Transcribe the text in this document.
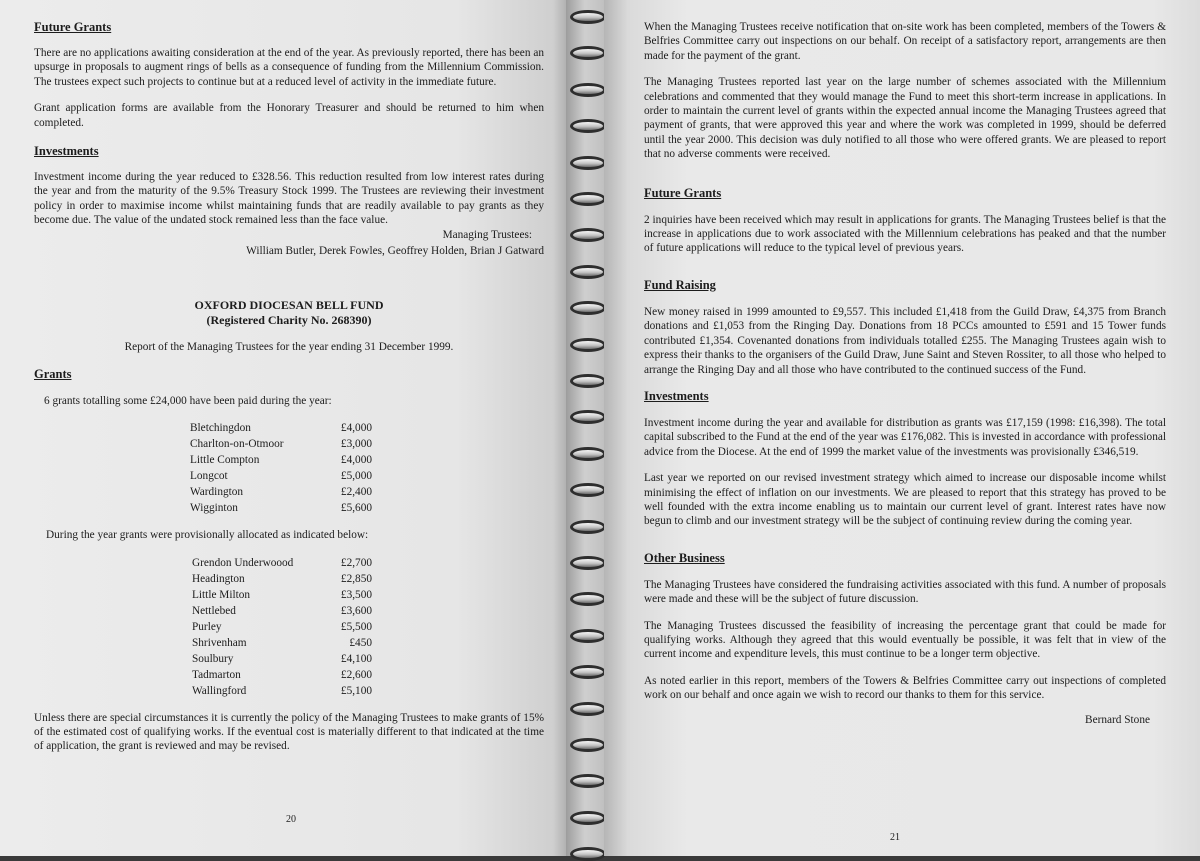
Future Grants

There are no applications awaiting consideration at the end of the year. As previously reported, there has been an upsurge in proposals to augment rings of bells as a consequence of funding from the Millennium Commission. The trustees expect such projects to continue but at a reduced level of activity in the immediate future.

Grant application forms are available from the Honorary Treasurer and should be returned to him when completed.

Investments

Investment income during the year reduced to £328.56. This reduction resulted from low interest rates during the year and from the maturity of the 9.5% Treasury Stock 1999. The Trustees are reviewing their investment policy in order to maximise income whilst maintaining funds that are readily available to pay grants as they become due. The value of the undated stock remained less than the face value.

Managing Trustees:

William Butler, Derek Fowles, Geoffrey Holden, Brian J Gatward

OXFORD DIOCESAN BELL FUND

(Registered Charity No. 268390)

Report of the Managing Trustees for the year ending 31 December 1999.

Grants

6 grants totalling some £24,000 have been paid during the year:

Bletchingdon	£4,000
Charlton-on-Otmoor	£3,000
Little Compton	£4,000
Longcot	£5,000
Wardington	£2,400
Wigginton	£5,600

During the year grants were provisionally allocated as indicated below:

Grendon Underwoood	£2,700
Headington	£2,850
Little Milton	£3,500
Nettlebed	£3,600
Purley	£5,500
Shrivenham	£450
Soulbury	£4,100
Tadmarton	£2,600
Wallingford	£5,100

Unless there are special circumstances it is currently the policy of the Managing Trustees to make grants of 15% of the estimated cost of qualifying works. If the eventual cost is materially different to that indicated at the time of application, the grant is reviewed and may be revised.

20

When the Managing Trustees receive notification that on-site work has been completed, members of the Towers & Belfries Committee carry out inspections on our behalf. On receipt of a satisfactory report, arrangements are then made for the payment of the grant.

The Managing Trustees reported last year on the large number of schemes associated with the Millennium celebrations and commented that they would manage the Fund to meet this short-term increase in applications. In order to maintain the current level of grants within the expected annual income the Managing Trustees agreed that payment of grants, that were approved this year and where the work was completed in 1999, should be deferred until the year 2000. This decision was duly notified to all those who were offered grants. We are pleased to report that no adverse comments were received.

Future Grants

2 inquiries have been received which may result in applications for grants. The Managing Trustees belief is that the increase in applications due to work associated with the Millennium celebrations has peaked and that the number of future applications will reduce to the typical level of previous years.

Fund Raising

New money raised in 1999 amounted to £9,557. This included £1,418 from the Guild Draw, £4,375 from Branch donations and £1,053 from the Ringing Day. Donations from 18 PCCs amounted to £591 and 15 Tower funds contributed £1,354. Covenanted donations from individuals totalled £255. The Managing Trustees again wish to express their thanks to the organisers of the Guild Draw, June Saint and Steven Rossiter, to all those who helped to arrange the Ringing Day and all those who have contributed to the continued success of the Fund.

Investments

Investment income during the year and available for distribution as grants was £17,159 (1998: £16,398). The total capital subscribed to the Fund at the end of the year was £176,082. This is invested in accordance with professional advice from the Diocese. At the end of 1999 the market value of the investments was provisionally £346,519.

Last year we reported on our revised investment strategy which aimed to increase our disposable income whilst minimising the effect of inflation on our investments. We are pleased to report that this strategy has proved to be well founded with the extra income enabling us to maintain our current level of grant. Interest rates have now begun to climb and our investment strategy will be the subject of continuing review during the coming year.

Other Business

The Managing Trustees have considered the fundraising activities associated with this fund. A number of proposals were made and these will be the subject of future discussion.

The Managing Trustees discussed the feasibility of increasing the percentage grant that could be made for qualifying works. Although they agreed that this would eventually be possible, it was felt that in view of the current income and expenditure levels, this must continue to be a longer term objective.

As noted earlier in this report, members of the Towers & Belfries Committee carry out inspections of completed work on our behalf and once again we wish to record our thanks to them for this service.

Bernard Stone

21
